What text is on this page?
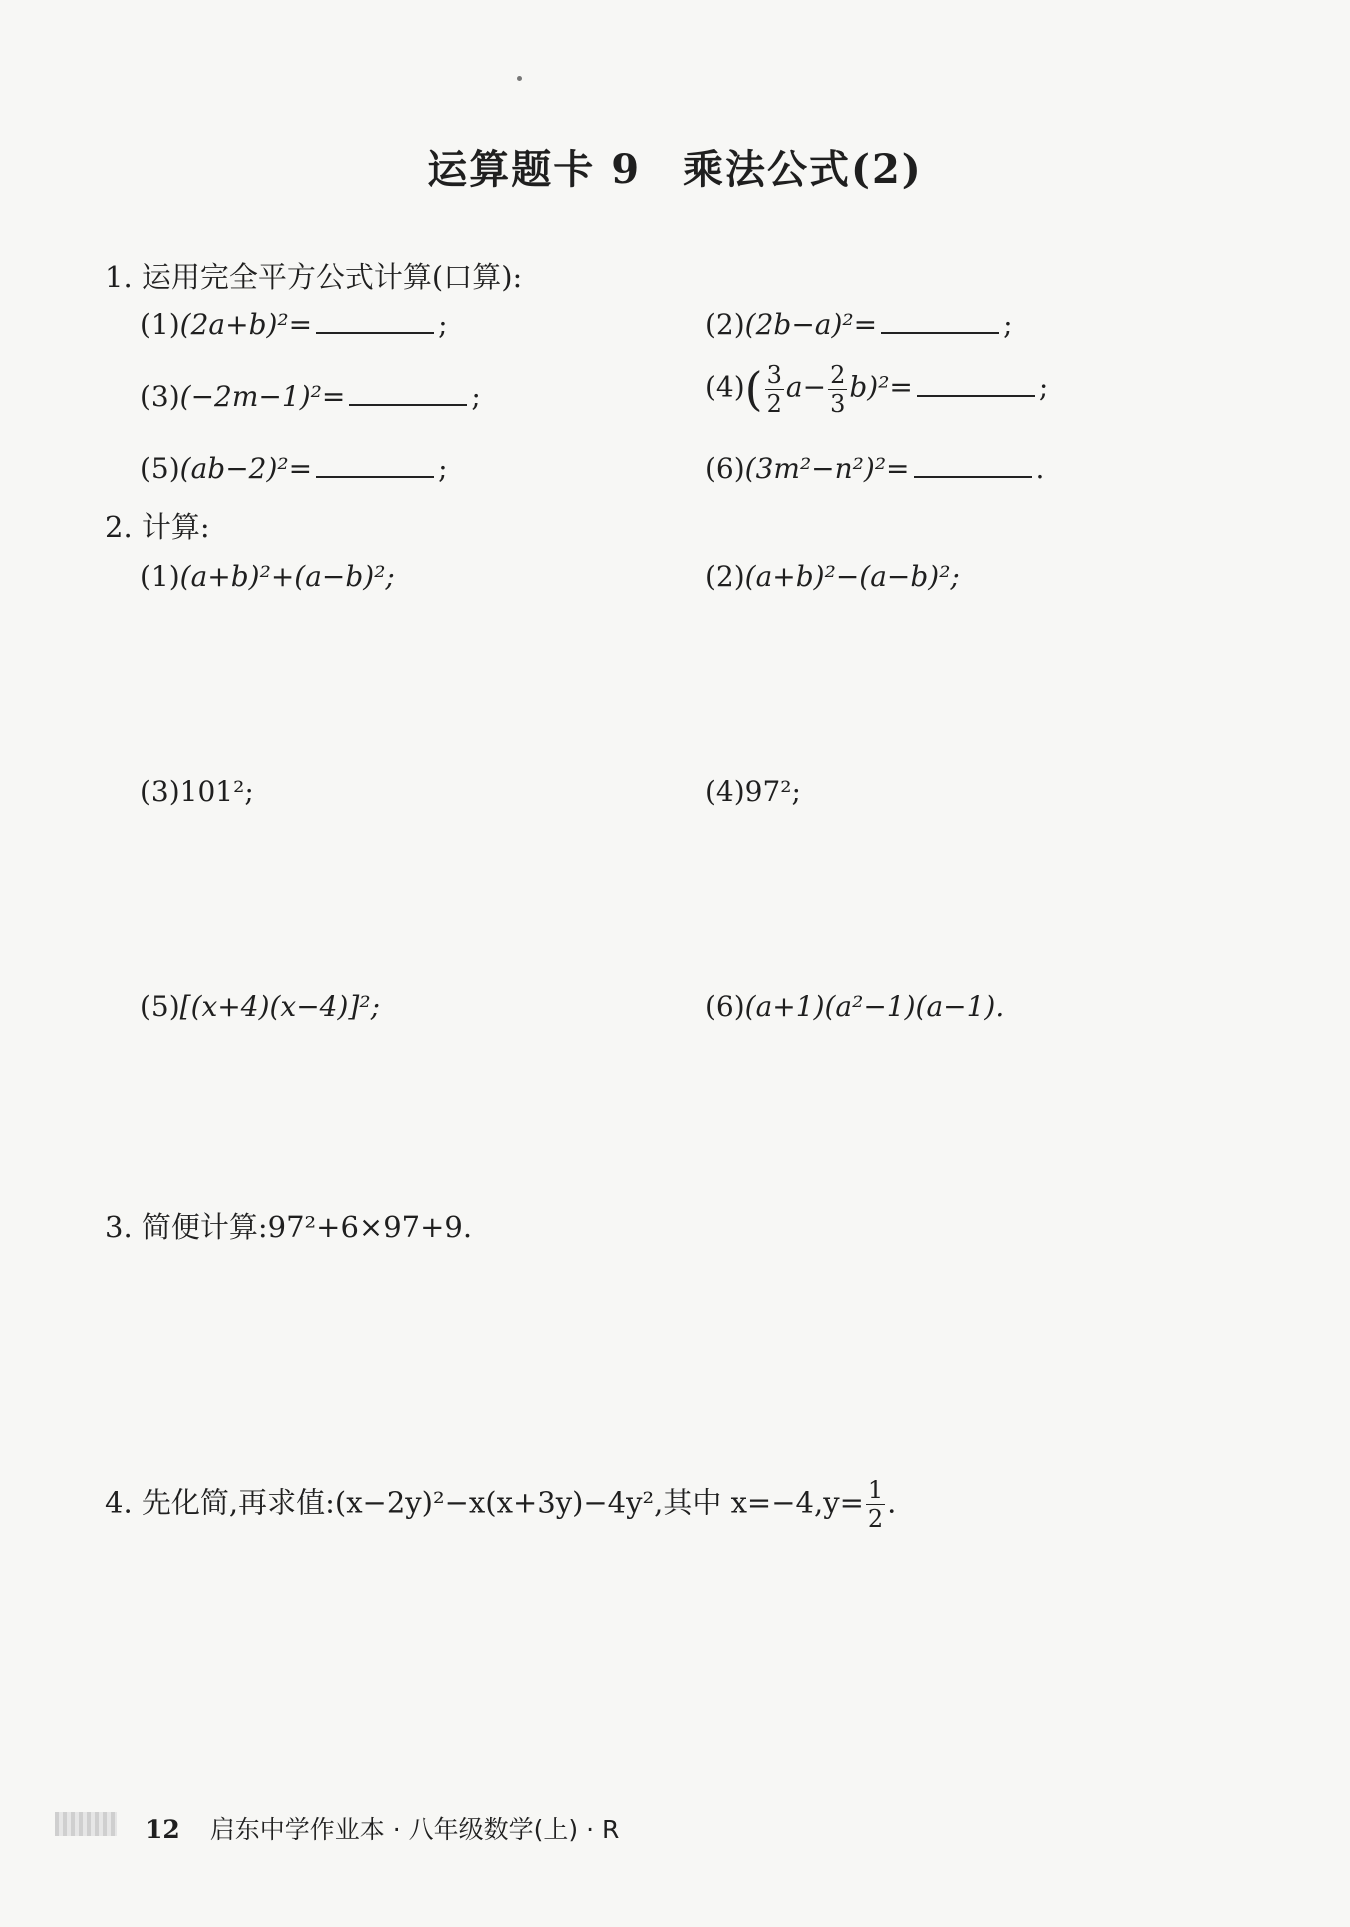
运算题卡 9　乘法公式(2)
1. 运用完全平方公式计算(口算):
(1)(2a+b)²=	;	(2)(2b−a)²=	;
(3)(−2m−1)²=	;	$(4)( \frac{3}{2} a- \frac{2}{3} b)^2=$	;
(5)(ab−2)²=	;	(6)(3m²−n²)²=	.
2. 计算:
(1)(a+b)²+(a−b)²;	(2)(a+b)²−(a−b)²;
(3)101²;	(4)97²;
(5)[(x+4)(x−4)]²;	(6)(a+1)(a²−1)(a−1).
3. 简便计算:97²+6×97+9.
4. 先化简,再求值:(x−2y)²−x(x+3y)−4y²,其中 $x=-4,y= \frac{1}{2}$ .
12 启东中学作业本 · 八年级数学(上) · R
